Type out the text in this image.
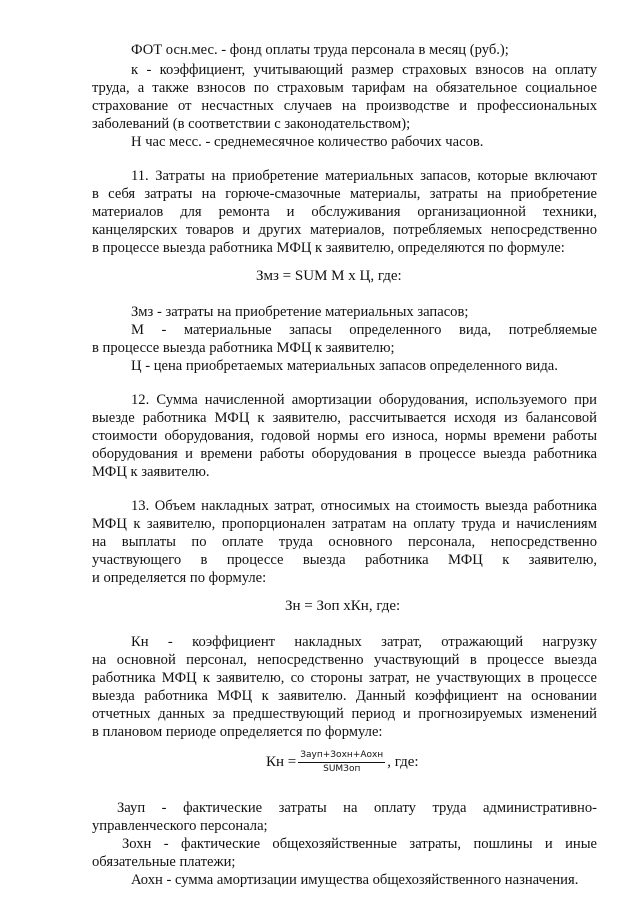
ФОТ осн.мес. - фонд оплаты труда персонала в месяц (руб.);
к - коэффициент, учитывающий размер страховых взносов на оплату
труда, а также взносов по страховым тарифам на обязательное социальное
страхование от несчастных случаев на производстве и профессиональных
заболеваний (в соответствии с законодательством);
Н час месс. - среднемесячное количество рабочих часов.
11. Затраты на приобретение материальных запасов, которые включают
в себя затраты на горюче-смазочные материалы, затраты на приобретение
материалов для ремонта и обслуживания организационной техники,
канцелярских товаров и других материалов, потребляемых непосредственно
в процессе выезда работника МФЦ к заявителю, определяются по формуле:
Змз = SUM М х Ц, где:
Змз - затраты на приобретение материальных запасов;
М - материальные запасы определенного вида, потребляемые
в процессе выезда работника МФЦ к заявителю;
Ц - цена приобретаемых материальных запасов определенного вида.
12. Сумма начисленной амортизации оборудования, используемого при
выезде работника МФЦ к заявителю, рассчитывается исходя из балансовой
стоимости оборудования, годовой нормы его износа, нормы времени работы
оборудования и времени работы оборудования в процессе выезда работника
МФЦ к заявителю.
13. Объем накладных затрат, относимых на стоимость выезда работника
МФЦ к заявителю, пропорционален затратам на оплату труда и начислениям
на выплаты по оплате труда основного персонала, непосредственно
участвующего в процессе выезда работника МФЦ к заявителю,
и определяется по формуле:
Зн = Зоп хКн, где:
Кн - коэффициент накладных затрат, отражающий нагрузку
на основной персонал, непосредственно участвующий в процессе выезда
работника МФЦ к заявителю, со стороны затрат, не участвующих в процессе
выезда работника МФЦ к заявителю. Данный коэффициент на основании
отчетных данных за предшествующий период и прогнозируемых изменений
в плановом периоде определяется по формуле:
Кн = $\frac{\text{Зауп+Зохн+Аохн}}{\text{SUMЗоп}}$ , где:
Зауп - фактические затраты на оплату труда административно-
управленческого персонала;
Зохн - фактические общехозяйственные затраты, пошлины и иные
обязательные платежи;
Аохн - сумма амортизации имущества общехозяйственного назначения.
